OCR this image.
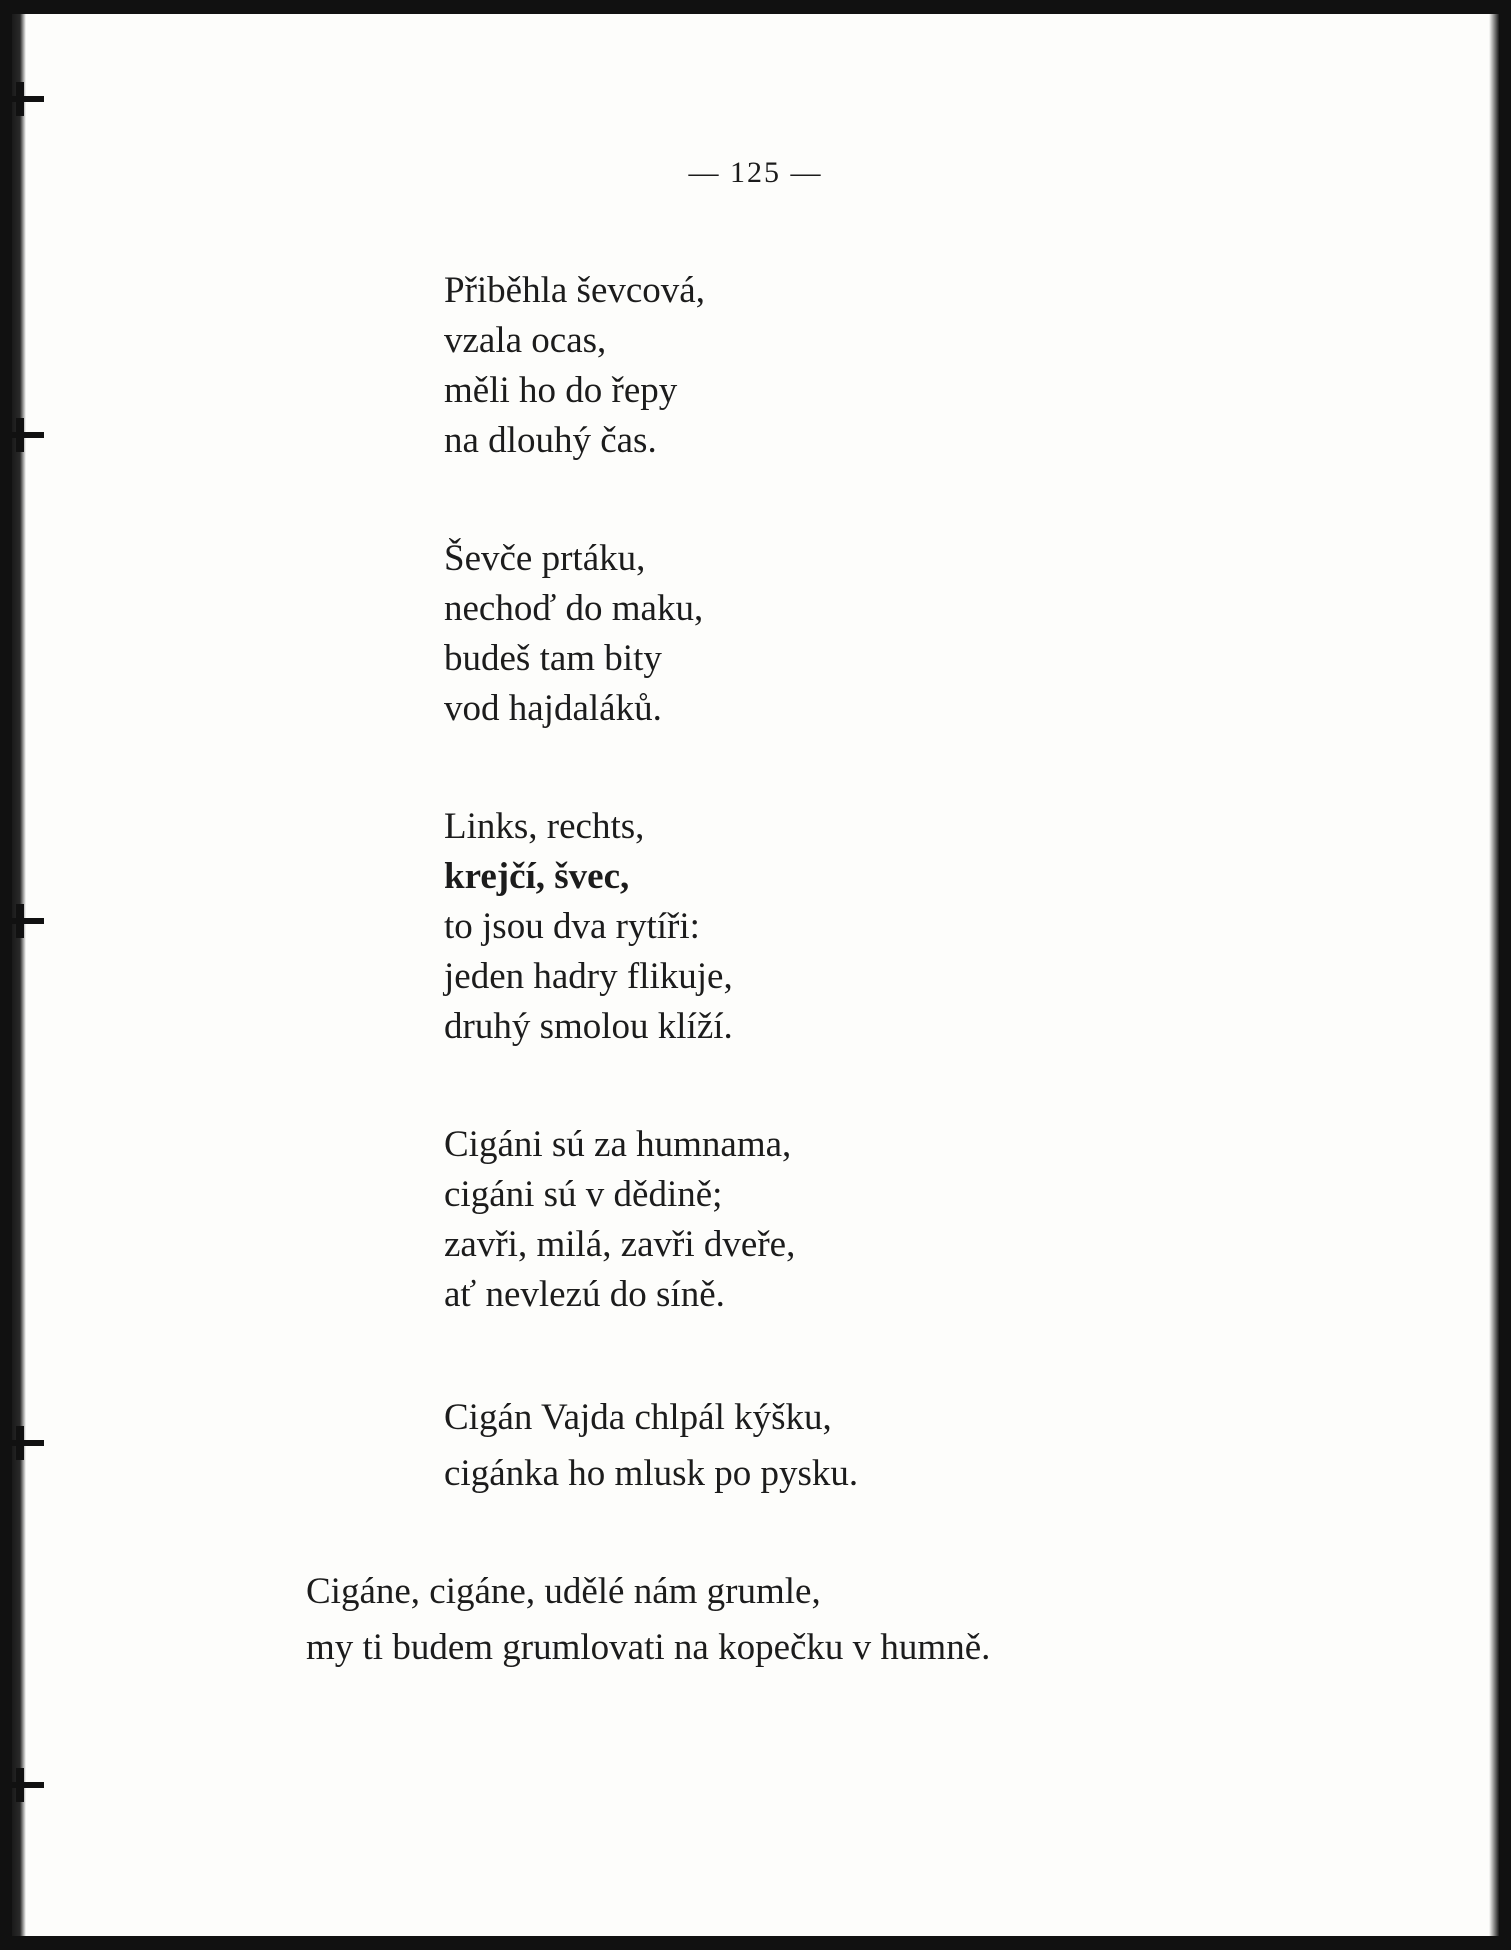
— 125 —
Přiběhla ševcová,
vzala ocas,
měli ho do řepy
na dlouhý čas.
Ševče prtáku,
nechoď do maku,
budeš tam bity
vod hajdaláků.
Links, rechts,
krejčí, švec,
to jsou dva rytíři:
jeden hadry flikuje,
druhý smolou klíží.
Cigáni sú za humnama,
cigáni sú v dědině;
zavři, milá, zavři dveře,
ať nevlezú do síně.
Cigán Vajda chlpál kýšku,
cigánka ho mlusk po pysku.
Cigáne, cigáne, udělé nám grumle,
my ti budem grumlovati na kopečku v humně.
